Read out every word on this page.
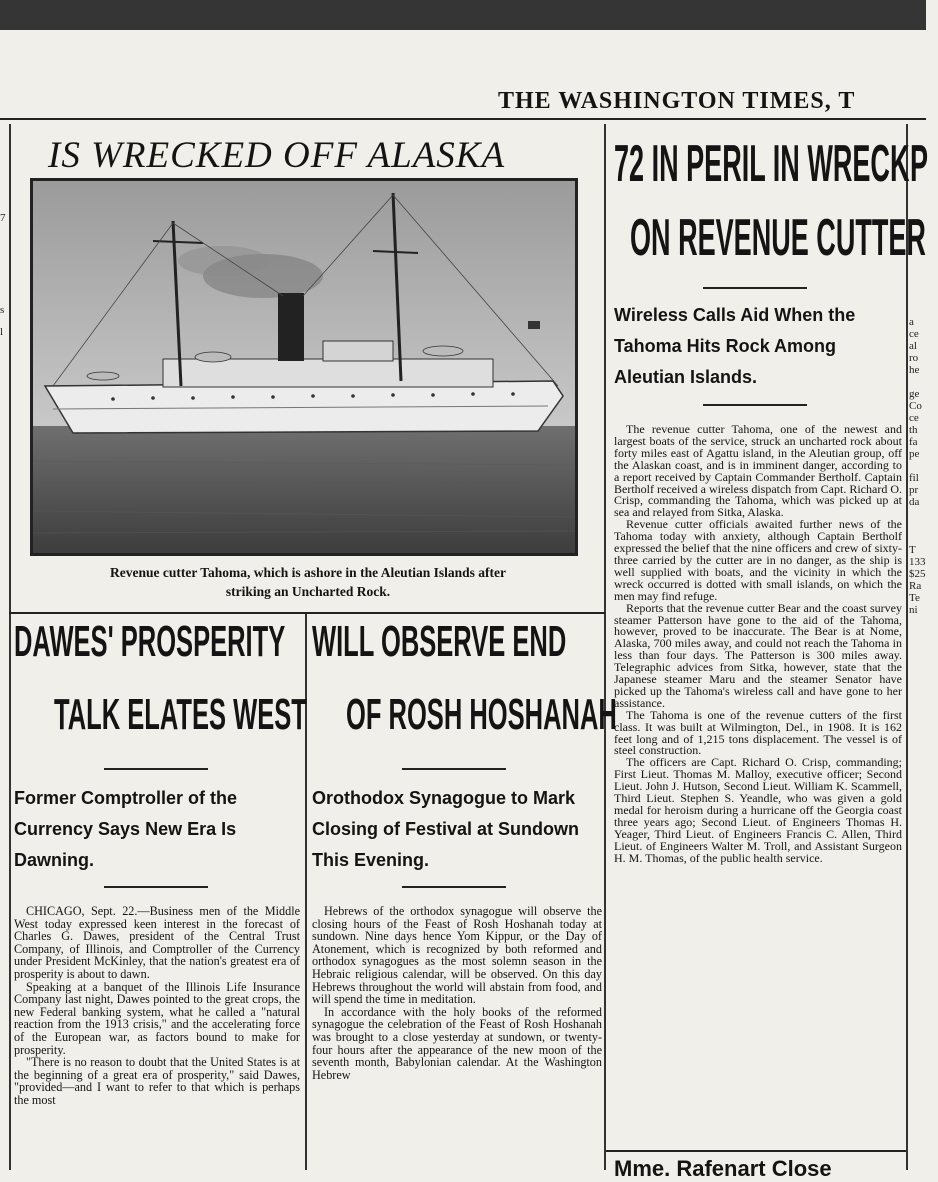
THE WASHINGTON TIMES, T
7
s
l
IS WRECKED OFF ALASKA
Revenue cutter Tahoma, which is ashore in the Aleutian Islands after
striking an Uncharted Rock.
DAWES' PROSPERITY
TALK ELATES WEST
Former Comptroller of the Currency Says New Era Is Dawning.

CHICAGO, Sept. 22.—Business men of the Middle West today expressed keen interest in the forecast of Charles G. Dawes, president of the Central Trust Company, of Illinois, and Comptroller of the Currency under President McKinley, that the nation's greatest era of prosperity is about to dawn.

Speaking at a banquet of the Illinois Life Insurance Company last night, Dawes pointed to the great crops, the new Federal banking system, what he called a "natural reaction from the 1913 crisis," and the accelerating force of the European war, as factors bound to make for prosperity.

"There is no reason to doubt that the United States is at the beginning of a great era of prosperity," said Dawes, "provided—and I want to refer to that which is perhaps the most

WILL OBSERVE END
OF ROSH HOSHANAH
Orothodox Synagogue to Mark Closing of Festival at Sundown This Evening.

Hebrews of the orthodox synagogue will observe the closing hours of the Feast of Rosh Hoshanah today at sundown. Nine days hence Yom Kippur, or the Day of Atonement, which is recognized by both reformed and orthodox synagogues as the most solemn season in the Hebraic religious calendar, will be observed. On this day Hebrews throughout the world will abstain from food, and will spend the time in meditation.

In accordance with the holy books of the reformed synagogue the celebration of the Feast of Rosh Hoshanah was brought to a close yesterday at sundown, or twenty-four hours after the appearance of the new moon of the seventh month, Babylonian calendar. At the Washington Hebrew

72 IN PERIL IN WRECK
ON REVENUE CUTTER
Wireless Calls Aid When the Tahoma Hits Rock Among Aleutian Islands.

The revenue cutter Tahoma, one of the newest and largest boats of the service, struck an uncharted rock about forty miles east of Agattu island, in the Aleutian group, off the Alaskan coast, and is in imminent danger, according to a report received by Captain Commander Bertholf. Captain Bertholf received a wireless dispatch from Capt. Richard O. Crisp, commanding the Tahoma, which was picked up at sea and relayed from Sitka, Alaska.

Revenue cutter officials awaited further news of the Tahoma today with anxiety, although Captain Bertholf expressed the belief that the nine officers and crew of sixty-three carried by the cutter are in no danger, as the ship is well supplied with boats, and the vicinity in which the wreck occurred is dotted with small islands, on which the men may find refuge.

Reports that the revenue cutter Bear and the coast survey steamer Patterson have gone to the aid of the Tahoma, however, proved to be inaccurate. The Bear is at Nome, Alaska, 700 miles away, and could not reach the Tahoma in less than four days. The Patterson is 300 miles away. Telegraphic advices from Sitka, however, state that the Japanese steamer Maru and the steamer Senator have picked up the Tahoma's wireless call and have gone to her assistance.

The Tahoma is one of the revenue cutters of the first class. It was built at Wilmington, Del., in 1908. It is 162 feet long and of 1,215 tons displacement. The vessel is of steel construction.

The officers are Capt. Richard O. Crisp, commanding; First Lieut. Thomas M. Malloy, executive officer; Second Lieut. John J. Hutson, Second Lieut. William K. Scammell, Third Lieut. Stephen S. Yeandle, who was given a gold medal for heroism during a hurricane off the Georgia coast three years ago; Second Lieut. of Engineers Thomas H. Yeager, Third Lieut. of Engineers Francis C. Allen, Third Lieut. of Engineers Walter M. Troll, and Assistant Surgeon H. M. Thomas, of the public health service.

Mme. Rafenart Close
P
a
ce
al
ro
he
ge
Co
ce
th
fa
pe
fil
pr
da
T
133
$25
Ra
Te
ni
